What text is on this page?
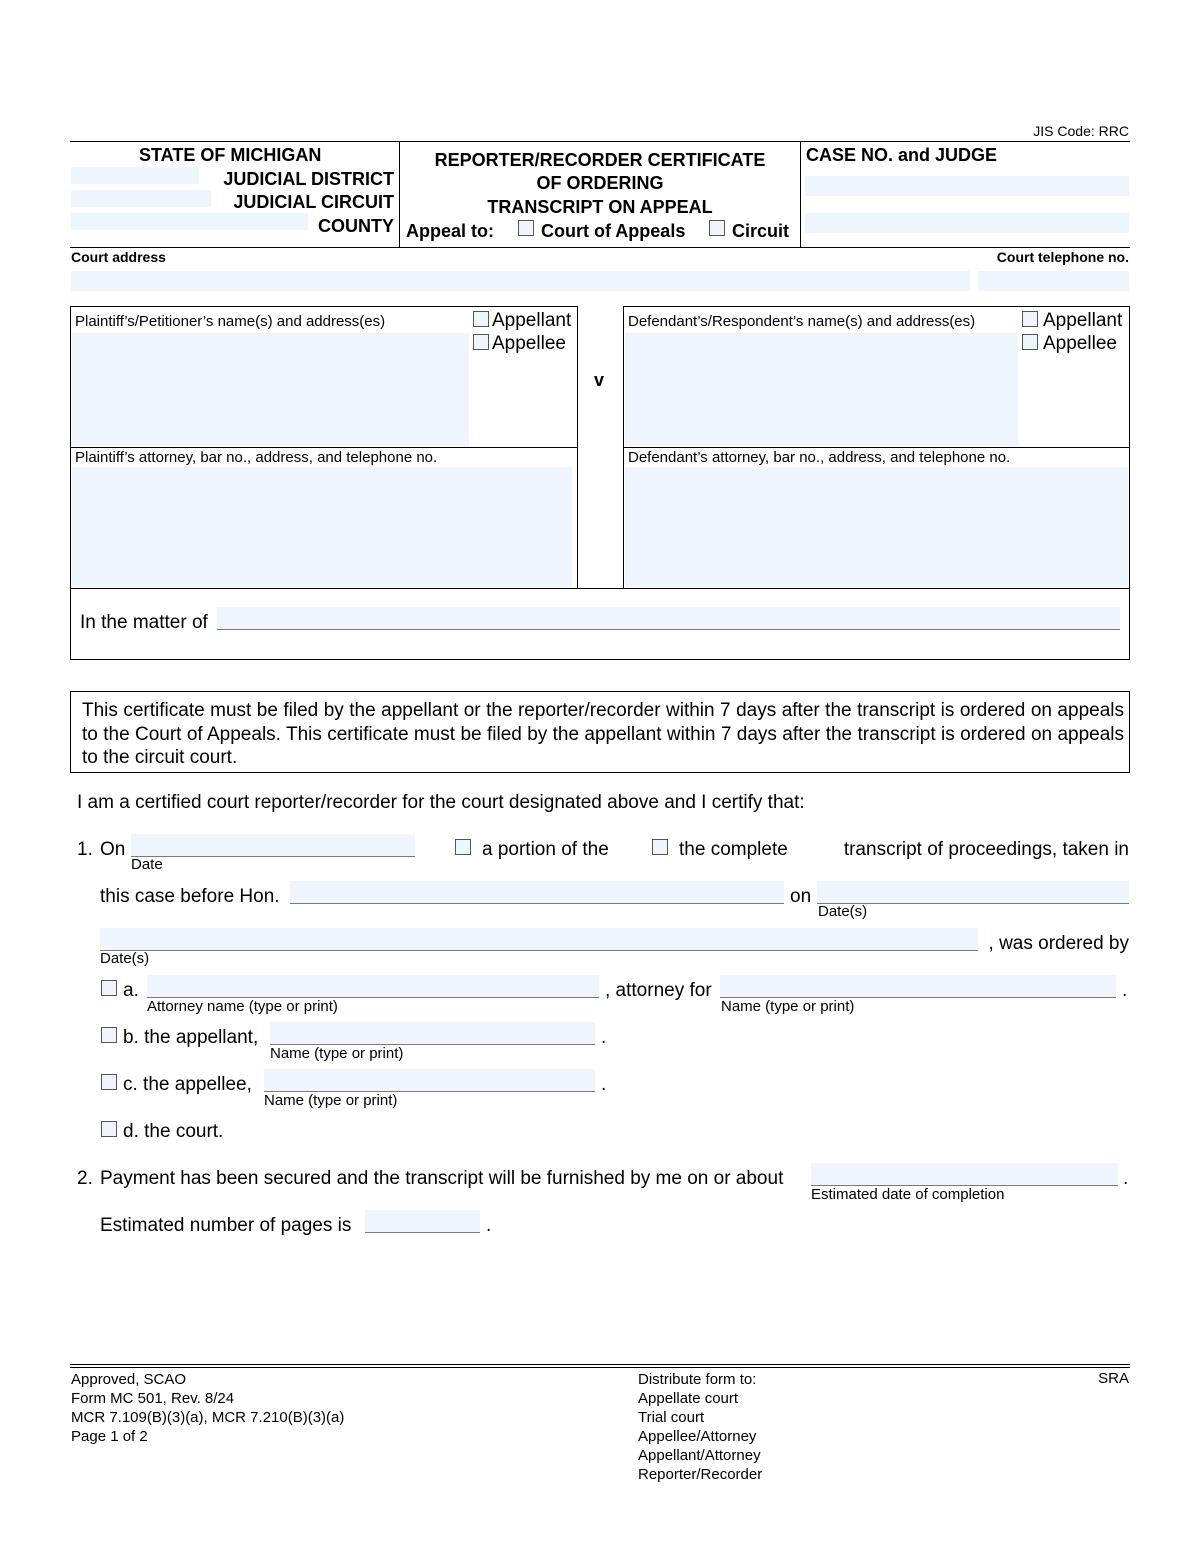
JIS Code: RRC
STATE OF MICHIGAN
JUDICIAL DISTRICT
JUDICIAL CIRCUIT
COUNTY
REPORTER/RECORDER CERTIFICATE
OF ORDERING
TRANSCRIPT ON APPEAL
Appeal to:	Court of Appeals	Circuit
CASE NO. and JUDGE
Court address	Court telephone no.
Plaintiff’s/Petitioner’s name(s) and address(es)	Appellant
Appellee
Plaintiff’s attorney, bar no., address, and telephone no.
v
Defendant’s/Respondent’s name(s) and address(es)	Appellant
Appellee
Defendant’s attorney, bar no., address, and telephone no.
In the matter of
This certificate must be filed by the appellant or the reporter/recorder within 7 days after the transcript is ordered on appeals to the Court of Appeals. This certificate must be filed by the appellant within 7 days after the transcript is ordered on appeals to the circuit court.
I am a certified court reporter/recorder for the court designated above and I certify that:
1. On
Date
a portion of the	the complete	transcript of proceedings, taken in
this case before Hon.	on
Date(s)
, was ordered by
Date(s)
a.
Attorney name (type or print)
, attorney for
Name (type or print)
.
b. the appellant,
Name (type or print)
.
c. the appellee,
Name (type or print)
.
d. the court.
2. Payment has been secured and the transcript will be furnished by me on or about
Estimated date of completion
.
Estimated number of pages is	.
Approved, SCAO
Form MC 501, Rev. 8/24
MCR 7.109(B)(3)(a), MCR 7.210(B)(3)(a)
Page 1 of 2
Distribute form to:
Appellate court
Trial court
Appellee/Attorney
Appellant/Attorney
Reporter/Recorder
SRA
